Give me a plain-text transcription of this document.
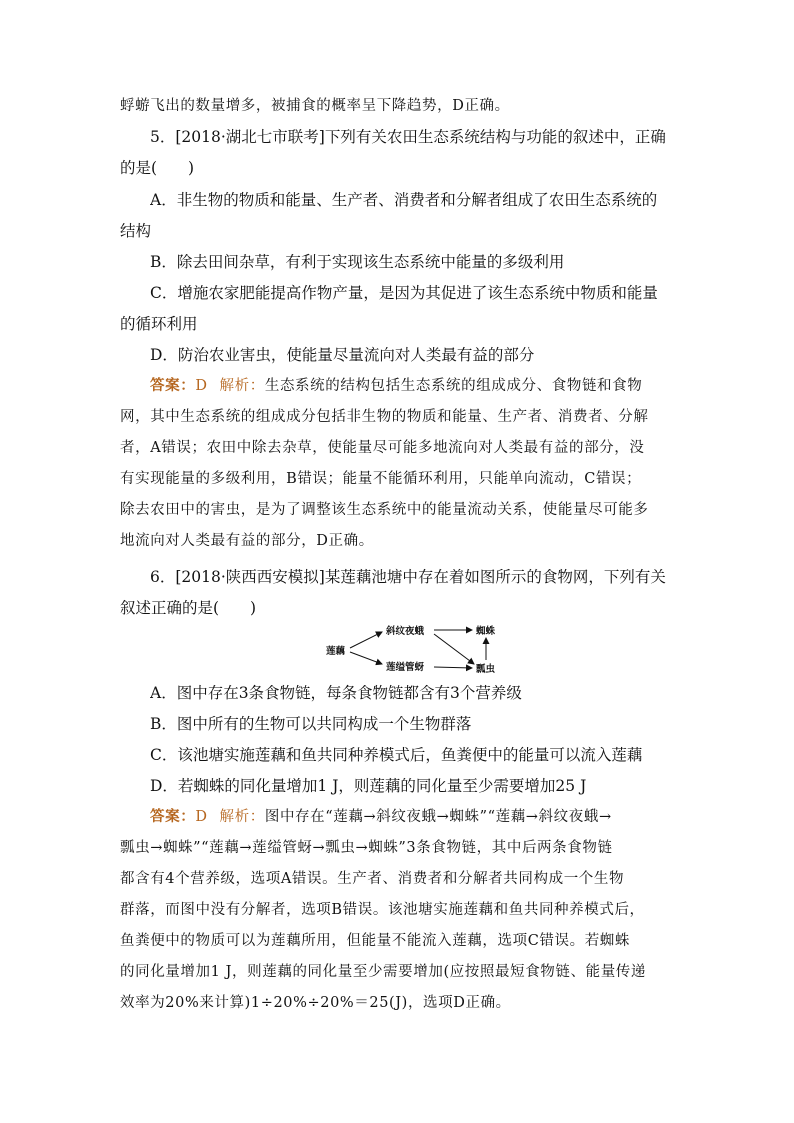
蜉蝣飞出的数量增多，被捕食的概率呈下降趋势，D正确。
5．[2018·湖北七市联考]下列有关农田生态系统结构与功能的叙述中，正确
的是(　　)
A．非生物的物质和能量、生产者、消费者和分解者组成了农田生态系统的
结构
B．除去田间杂草，有利于实现该生态系统中能量的多级利用
C．增施农家肥能提高作物产量，是因为其促进了该生态系统中物质和能量
的循环利用
D．防治农业害虫，使能量尽量流向对人类最有益的部分
答案：D 解析：生态系统的结构包括生态系统的组成成分、食物链和食物
网，其中生态系统的组成成分包括非生物的物质和能量、生产者、消费者、分解
者，A错误；农田中除去杂草，使能量尽可能多地流向对人类最有益的部分，没
有实现能量的多级利用，B错误；能量不能循环利用，只能单向流动，C错误；
除去农田中的害虫，是为了调整该生态系统中的能量流动关系，使能量尽可能多
地流向对人类最有益的部分，D正确。
6．[2018·陕西西安模拟]某莲藕池塘中存在着如图所示的食物网，下列有关
叙述正确的是(　　)
莲藕
斜纹夜蛾	蜘蛛
莲缢管蚜	瓢虫
A．图中存在3条食物链，每条食物链都含有3个营养级
B．图中所有的生物可以共同构成一个生物群落
C．该池塘实施莲藕和鱼共同种养模式后，鱼粪便中的能量可以流入莲藕
D．若蜘蛛的同化量增加1 J，则莲藕的同化量至少需要增加25 J
答案：D 解析：图中存在“莲藕→斜纹夜蛾→蜘蛛”“莲藕→斜纹夜蛾→
瓢虫→蜘蛛”“莲藕→莲缢管蚜→瓢虫→蜘蛛”3条食物链，其中后两条食物链
都含有4个营养级，选项A错误。生产者、消费者和分解者共同构成一个生物
群落，而图中没有分解者，选项B错误。该池塘实施莲藕和鱼共同种养模式后，
鱼粪便中的物质可以为莲藕所用，但能量不能流入莲藕，选项C错误。若蜘蛛
的同化量增加1 J，则莲藕的同化量至少需要增加(应按照最短食物链、能量传递
效率为20%来计算)1÷20%÷20%＝25(J)，选项D正确。
